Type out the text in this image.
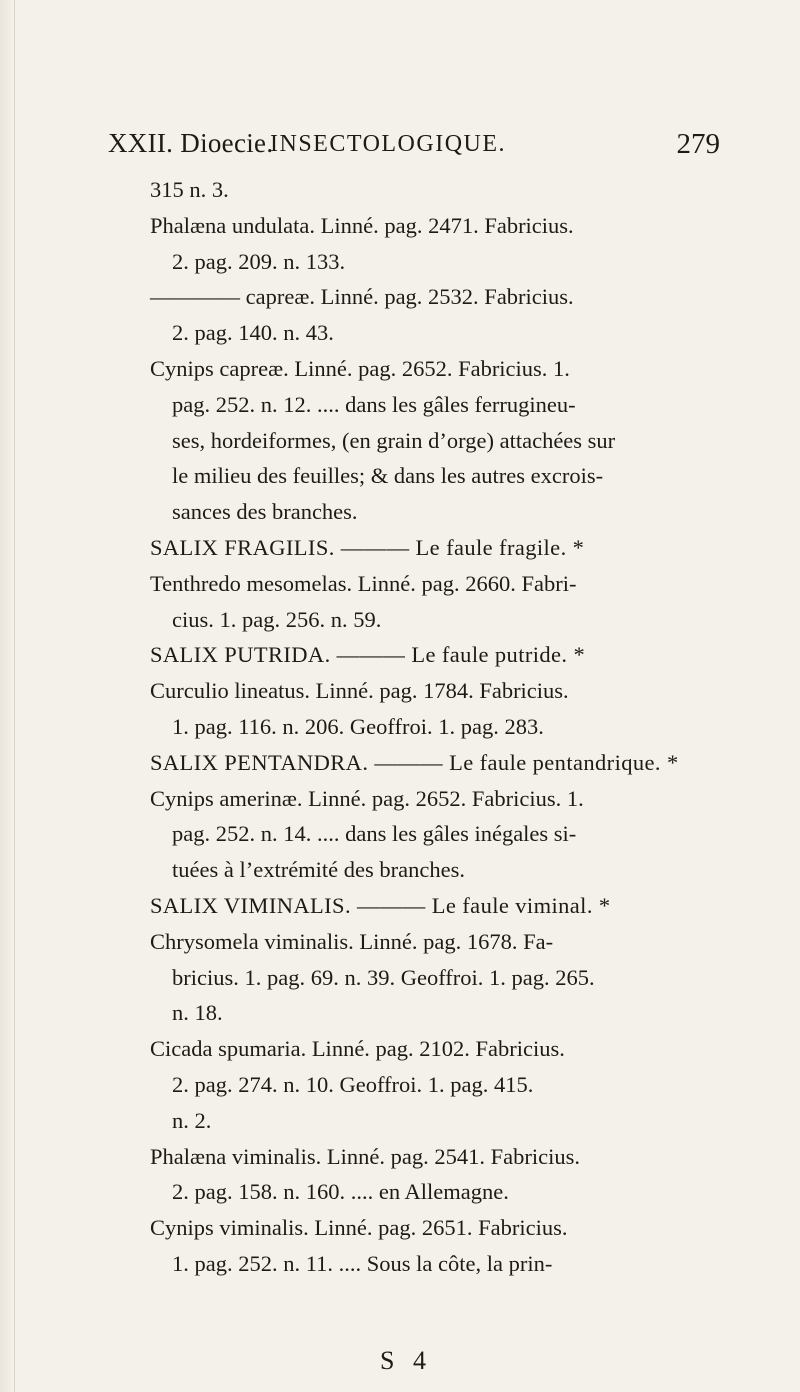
XXII. Dioecie.
INSECTOLOGIQUE.	279
315 n. 3.
Phalæna undulata. Linné. pag. 2471. Fabricius.
2. pag. 209. n. 133.
———— capreæ. Linné. pag. 2532. Fabricius.
2. pag. 140. n. 43.
Cynips capreæ. Linné. pag. 2652. Fabricius. 1.
pag. 252. n. 12. .... dans les gâles ferrugineu-
ses, hordeiformes, (en grain d’orge) attachées sur
le milieu des feuilles; & dans les autres excrois-
sances des branches.
SALIX FRAGILIS. ——— Le faule fragile. *
Tenthredo mesomelas. Linné. pag. 2660. Fabri-
cius. 1. pag. 256. n. 59.
SALIX PUTRIDA. ——— Le faule putride. *
Curculio lineatus. Linné. pag. 1784. Fabricius.
1. pag. 116. n. 206. Geoffroi. 1. pag. 283.
SALIX PENTANDRA. ——— Le faule pentandrique. *
Cynips amerinæ. Linné. pag. 2652. Fabricius. 1.
pag. 252. n. 14. .... dans les gâles inégales si-
tuées à l’extrémité des branches.
SALIX VIMINALIS. ——— Le faule viminal. *
Chrysomela viminalis. Linné. pag. 1678. Fa-
bricius. 1. pag. 69. n. 39. Geoffroi. 1. pag. 265.
n. 18.
Cicada spumaria. Linné. pag. 2102. Fabricius.
2. pag. 274. n. 10. Geoffroi. 1. pag. 415.
n. 2.
Phalæna viminalis. Linné. pag. 2541. Fabricius.
2. pag. 158. n. 160. .... en Allemagne.
Cynips viminalis. Linné. pag. 2651. Fabricius.
1. pag. 252. n. 11. .... Sous la côte, la prin-
S 4
